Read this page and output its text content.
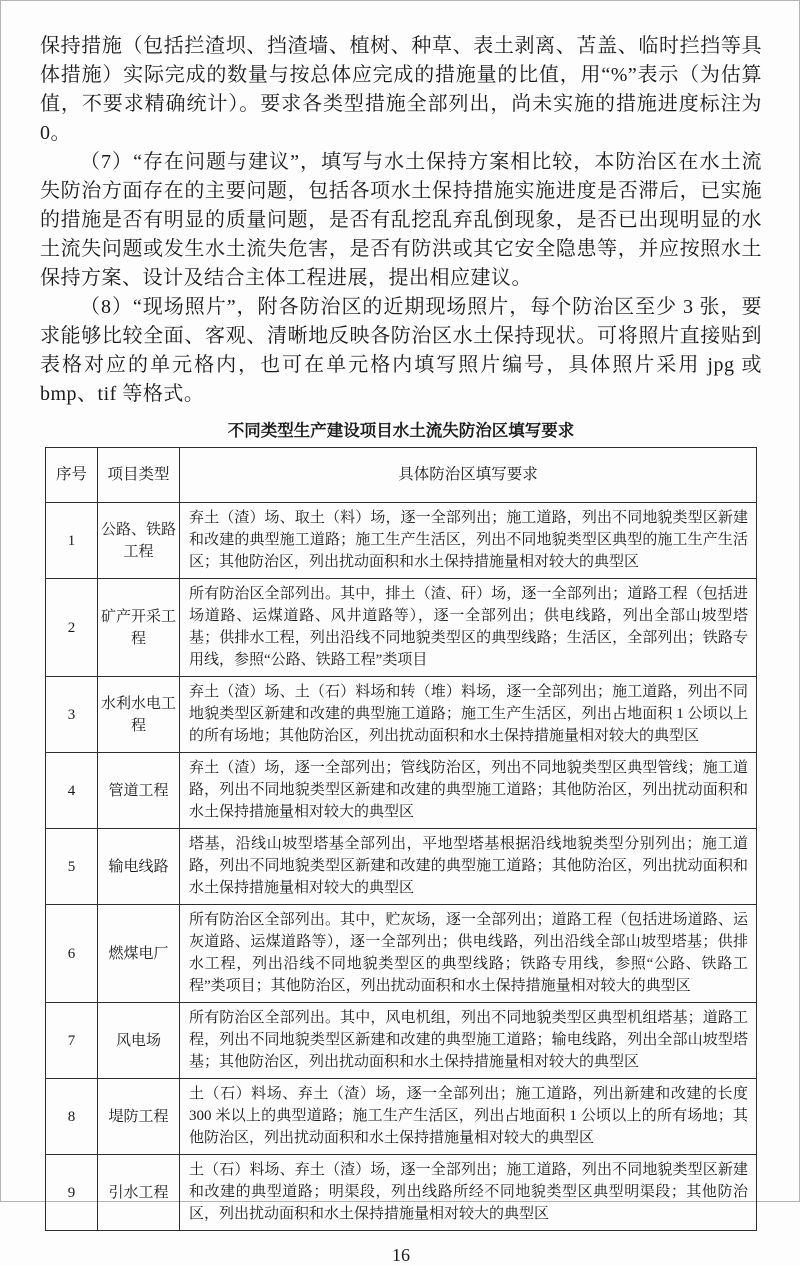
保持措施（包括拦渣坝、挡渣墙、植树、种草、表土剥离、苫盖、临时拦挡等具体措施）实际完成的数量与按总体应完成的措施量的比值，用“%”表示（为估算值，不要求精确统计）。要求各类型措施全部列出，尚未实施的措施进度标注为 0。

（7）“存在问题与建议”，填写与水土保持方案相比较，本防治区在水土流失防治方面存在的主要问题，包括各项水土保持措施实施进度是否滞后，已实施的措施是否有明显的质量问题，是否有乱挖乱弃乱倒现象，是否已出现明显的水土流失问题或发生水土流失危害，是否有防洪或其它安全隐患等，并应按照水土保持方案、设计及结合主体工程进展，提出相应建议。

（8）“现场照片”，附各防治区的近期现场照片，每个防治区至少 3 张，要求能够比较全面、客观、清晰地反映各防治区水土保持现状。可将照片直接贴到表格对应的单元格内，也可在单元格内填写照片编号，具体照片采用 jpg 或 bmp、tif 等格式。

不同类型生产建设项目水土流失防治区填写要求
序号	项目类型	具体防治区填写要求
1	公路、铁路工程	弃土（渣）场、取土（料）场，逐一全部列出；施工道路，列出不同地貌类型区新建和改建的典型施工道路；施工生产生活区，列出不同地貌类型区典型的施工生产生活区；其他防治区，列出扰动面积和水土保持措施量相对较大的典型区
2	矿产开采工程	所有防治区全部列出。其中，排土（渣、矸）场，逐一全部列出；道路工程（包括进场道路、运煤道路、风井道路等），逐一全部列出；供电线路，列出全部山坡型塔基；供排水工程，列出沿线不同地貌类型区的典型线路；生活区，全部列出；铁路专用线，参照“公路、铁路工程”类项目
3	水利水电工程	弃土（渣）场、土（石）料场和转（堆）料场，逐一全部列出；施工道路，列出不同地貌类型区新建和改建的典型施工道路；施工生产生活区，列出占地面积 1 公顷以上的所有场地；其他防治区，列出扰动面积和水土保持措施量相对较大的典型区
4	管道工程	弃土（渣）场，逐一全部列出；管线防治区，列出不同地貌类型区典型管线；施工道路，列出不同地貌类型区新建和改建的典型施工道路；其他防治区，列出扰动面积和水土保持措施量相对较大的典型区
5	输电线路	塔基，沿线山坡型塔基全部列出，平地型塔基根据沿线地貌类型分别列出；施工道路，列出不同地貌类型区新建和改建的典型施工道路；其他防治区，列出扰动面积和水土保持措施量相对较大的典型区
6	燃煤电厂	所有防治区全部列出。其中，贮灰场，逐一全部列出；道路工程（包括进场道路、运灰道路、运煤道路等），逐一全部列出；供电线路，列出沿线全部山坡型塔基；供排水工程，列出沿线不同地貌类型区的典型线路；铁路专用线，参照“公路、铁路工程”类项目；其他防治区，列出扰动面积和水土保持措施量相对较大的典型区
7	风电场	所有防治区全部列出。其中，风电机组，列出不同地貌类型区典型机组塔基；道路工程，列出不同地貌类型区新建和改建的典型施工道路；输电线路，列出全部山坡型塔基；其他防治区，列出扰动面积和水土保持措施量相对较大的典型区
8	堤防工程	土（石）料场、弃土（渣）场，逐一全部列出；施工道路，列出新建和改建的长度 300 米以上的典型道路；施工生产生活区，列出占地面积 1 公顷以上的所有场地；其他防治区，列出扰动面积和水土保持措施量相对较大的典型区
9	引水工程	土（石）料场、弃土（渣）场，逐一全部列出；施工道路，列出不同地貌类型区新建和改建的典型道路；明渠段，列出线路所经不同地貌类型区典型明渠段；其他防治区，列出扰动面积和水土保持措施量相对较大的典型区
16
